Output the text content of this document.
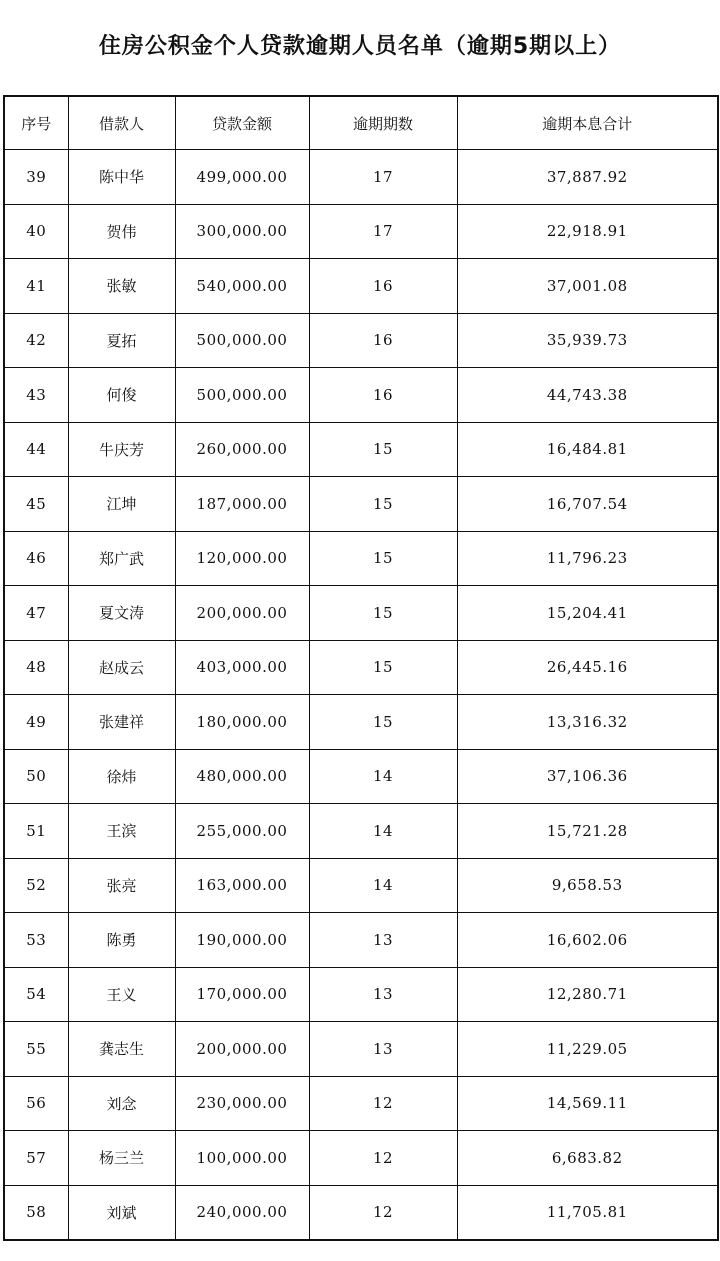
住房公积金个人贷款逾期人员名单（逾期5期以上）
序号	借款人	贷款金额	逾期期数	逾期本息合计
39	陈中华	499,000.00	17	37,887.92
40	贺伟	300,000.00	17	22,918.91
41	张敏	540,000.00	16	37,001.08
42	夏拓	500,000.00	16	35,939.73
43	何俊	500,000.00	16	44,743.38
44	牛庆芳	260,000.00	15	16,484.81
45	江坤	187,000.00	15	16,707.54
46	郑广武	120,000.00	15	11,796.23
47	夏文涛	200,000.00	15	15,204.41
48	赵成云	403,000.00	15	26,445.16
49	张建祥	180,000.00	15	13,316.32
50	徐炜	480,000.00	14	37,106.36
51	王滨	255,000.00	14	15,721.28
52	张亮	163,000.00	14	9,658.53
53	陈勇	190,000.00	13	16,602.06
54	王义	170,000.00	13	12,280.71
55	龚志生	200,000.00	13	11,229.05
56	刘念	230,000.00	12	14,569.11
57	杨三兰	100,000.00	12	6,683.82
58	刘斌	240,000.00	12	11,705.81
